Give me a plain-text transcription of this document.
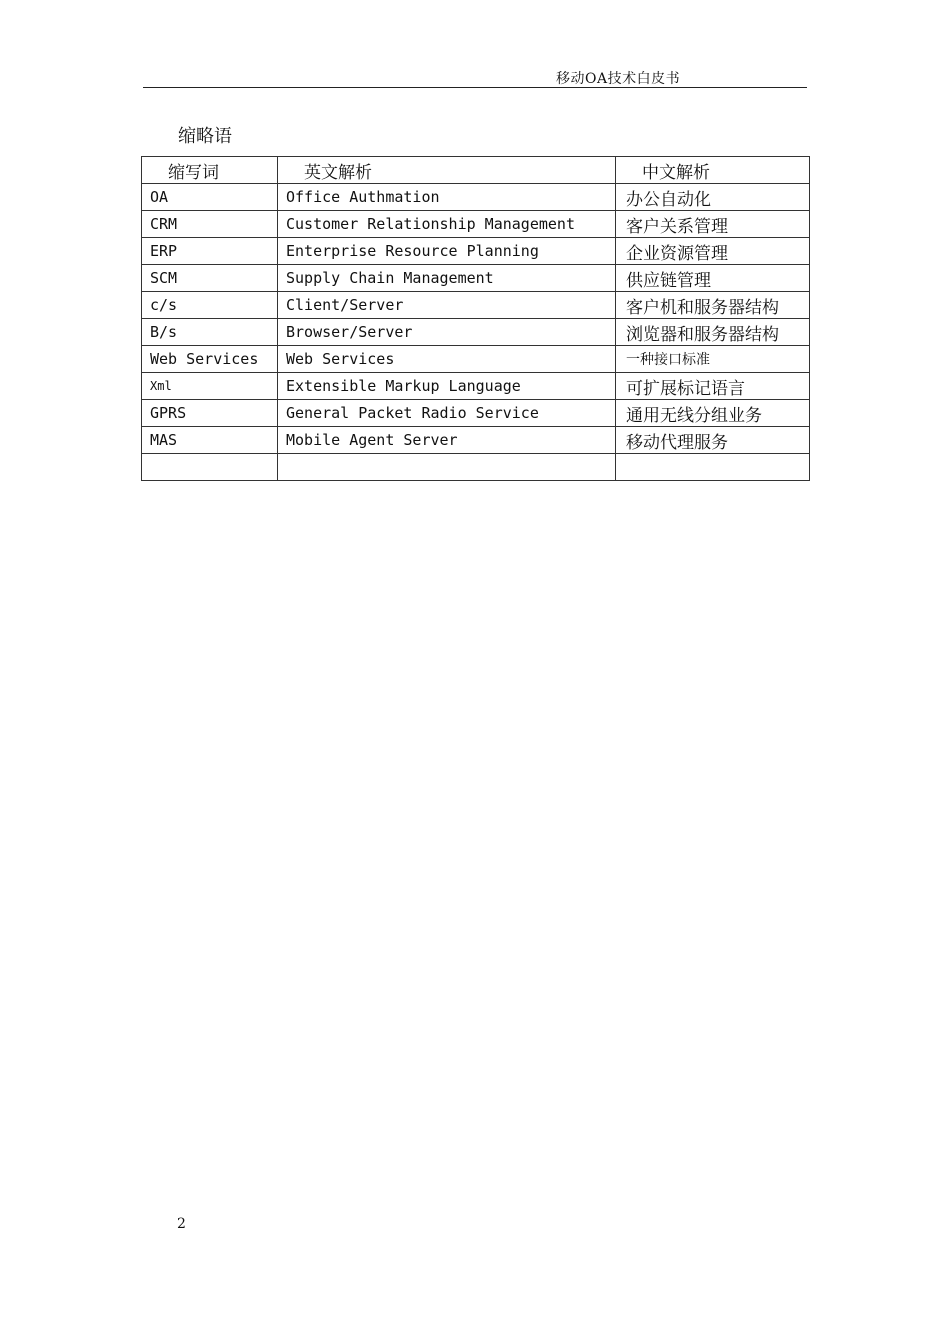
移动OA技术白皮书
缩略语
缩写词	英文解析	中文解析
OA	Office Authmation	办公自动化
CRM	Customer Relationship Management	客户关系管理
ERP	Enterprise Resource Planning	企业资源管理
SCM	Supply Chain Management	供应链管理
c/s	Client/Server	客户机和服务器结构
B/s	Browser/Server	浏览器和服务器结构
Web Services	Web Services	一种接口标准
Xml	Extensible Markup Language	可扩展标记语言
GPRS	General Packet Radio Service	通用无线分组业务
MAS	Mobile Agent Server	移动代理服务

2
